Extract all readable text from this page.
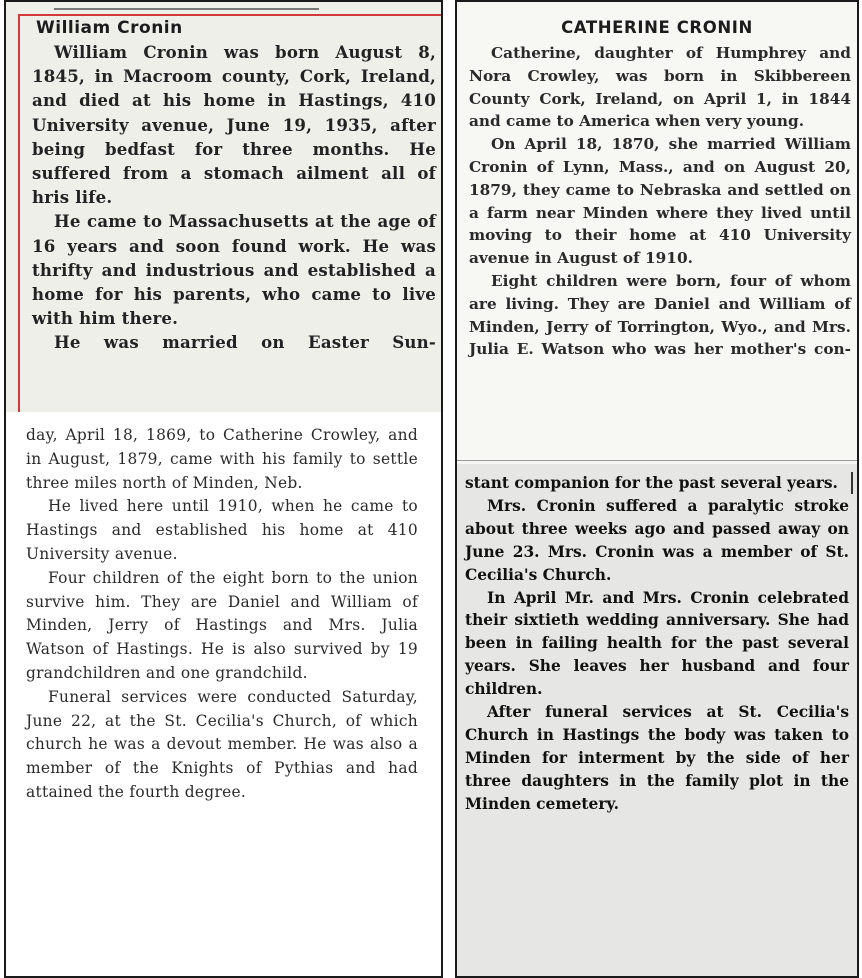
William Cronin

William Cronin was born August 8, 1845, in Macroom county, Cork, Ireland, and died at his home in Hastings, 410 University avenue, June 19, 1935, after being bedfast for three months. He suffered from a stomach ailment all of hris life.

He came to Massachusetts at the age of 16 years and soon found work. He was thrifty and industrious and established a home for his parents, who came to live with him there.

He was married on Easter Sun-

day, April 18, 1869, to Catherine Crowley, and in August, 1879, came with his family to settle three miles north of Minden, Neb.

He lived here until 1910, when he came to Hastings and established his home at 410 University avenue.

Four children of the eight born to the union survive him. They are Daniel and William of Minden, Jerry of Hastings and Mrs. Julia Watson of Hastings. He is also survived by 19 grandchildren and one grandchild.

Funeral services were conducted Saturday, June 22, at the St. Cecilia's Church, of which church he was a devout member. He was also a member of the Knights of Pythias and had attained the fourth degree.

CATHERINE CRONIN

Catherine, daughter of Humphrey and Nora Crowley, was born in Skibbereen County Cork, Ireland, on April 1, in 1844 and came to America when very young.

On April 18, 1870, she married William Cronin of Lynn, Mass., and on August 20, 1879, they came to Nebraska and settled on a farm near Minden where they lived until moving to their home at 410 University avenue in August of 1910.

Eight children were born, four of whom are living. They are Daniel and William of Minden, Jerry of Torrington, Wyo., and Mrs. Julia E. Watson who was her mother's con-

stant companion for the past several years.

Mrs. Cronin suffered a paralytic stroke about three weeks ago and passed away on June 23. Mrs. Cronin was a member of St. Cecilia's Church.

In April Mr. and Mrs. Cronin celebrated their sixtieth wedding anniversary. She had been in failing health for the past several years. She leaves her husband and four children.

After funeral services at St. Cecilia's Church in Hastings the body was taken to Minden for interment by the side of her three daughters in the family plot in the Minden cemetery.
